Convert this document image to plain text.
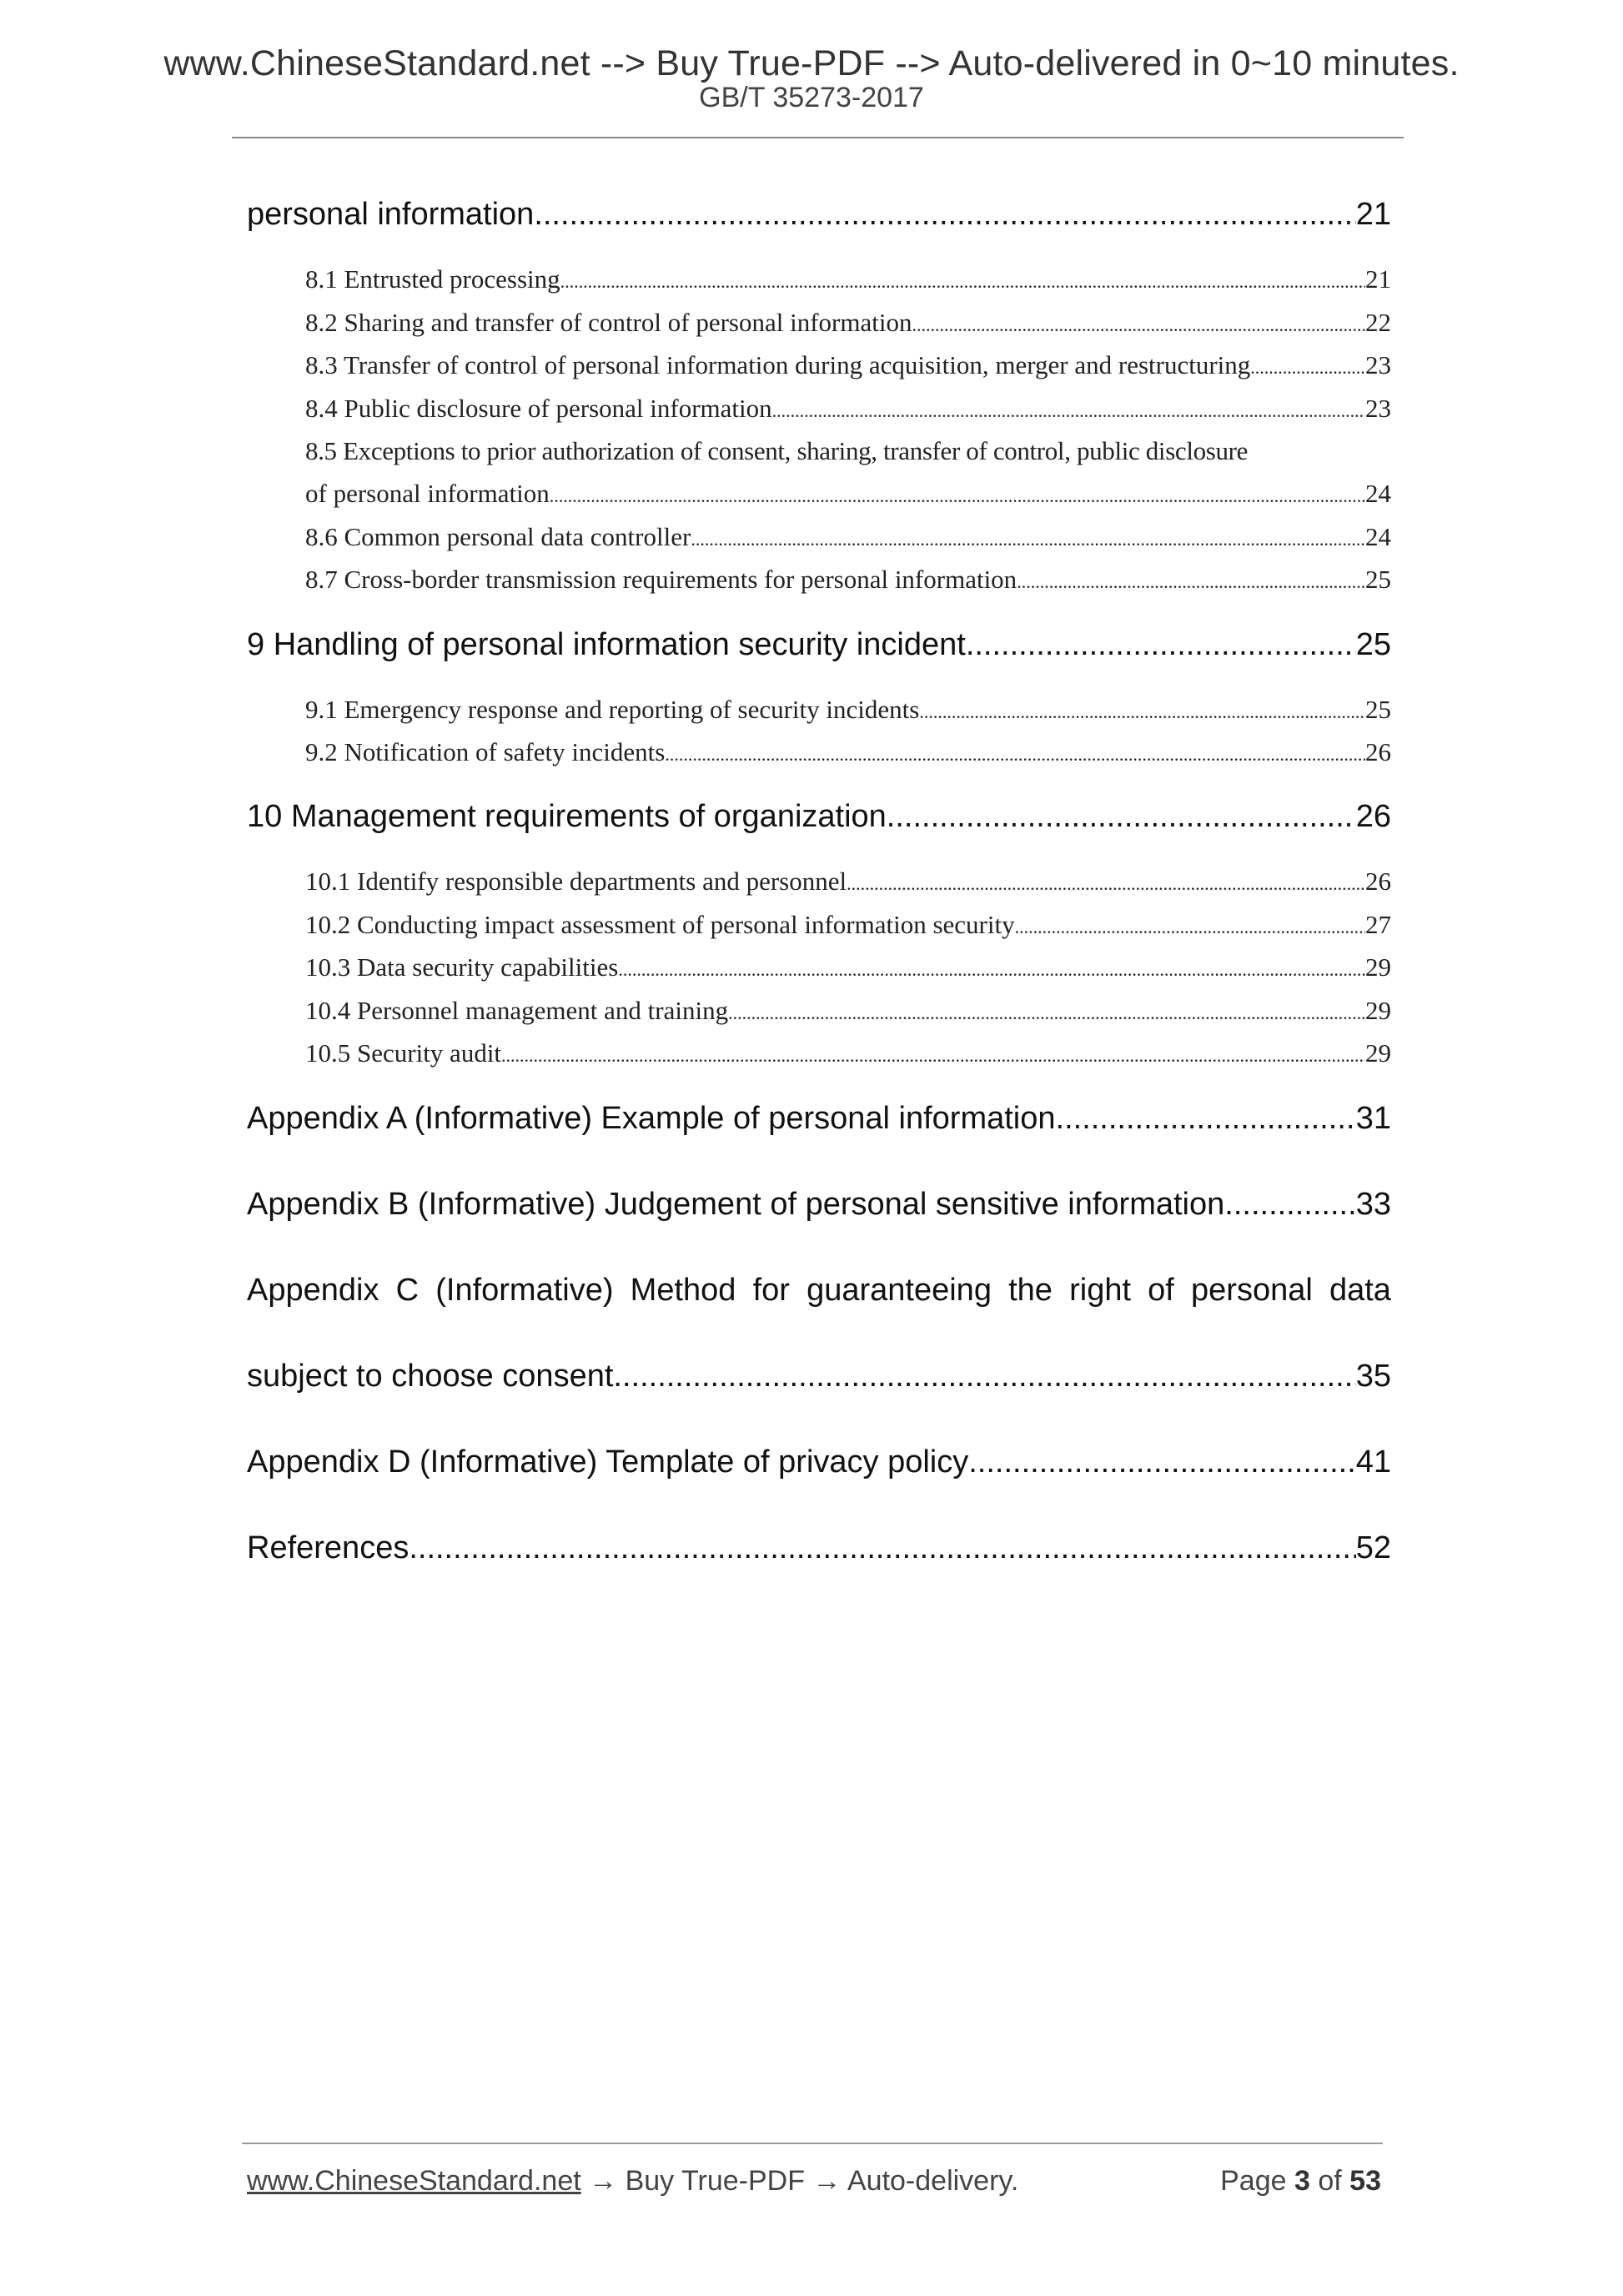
www.ChineseStandard.net --> Buy True-PDF --> Auto-delivered in 0~10 minutes.
GB/T 35273-2017
personal information .....	21
8.1 Entrusted processing .....	21
8.2 Sharing and transfer of control of personal information .....	22
8.3 Transfer of control of personal information during acquisition, merger and restructuring .....	23
8.4 Public disclosure of personal information .....	23
8.5 Exceptions to prior authorization of consent, sharing, transfer of control, public disclosure
of personal information .....	24
8.6 Common personal data controller .....	24
8.7 Cross-border transmission requirements for personal information .....	25
9 Handling of personal information security incident .....	25
9.1 Emergency response and reporting of security incidents .....	25
9.2 Notification of safety incidents .....	26
10 Management requirements of organization .....	26
10.1 Identify responsible departments and personnel .....	26
10.2 Conducting impact assessment of personal information security .....	27
10.3 Data security capabilities .....	29
10.4 Personnel management and training .....	29
10.5 Security audit .....	29
Appendix A (Informative) Example of personal information .....	31
Appendix B (Informative) Judgement of personal sensitive information .....	33
Appendix C (Informative) Method for guaranteeing the right of personal data
subject to choose consent .....	35
Appendix D (Informative) Template of privacy policy .....	41
References .....	52
www.ChineseStandard.net → Buy True-PDF → Auto-delivery.	Page 3 of 53
